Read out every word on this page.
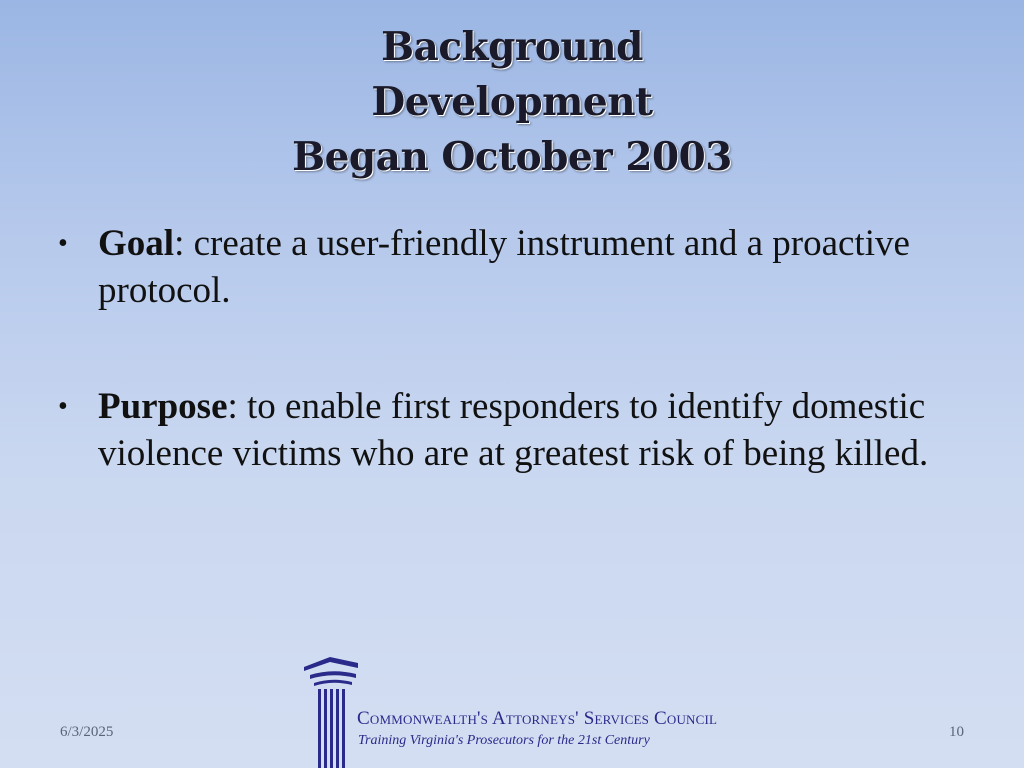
Background
Development
Began October 2003
• Goal: create a user-friendly instrument and a proactive protocol.
• Purpose: to enable first responders to identify domestic violence victims who are at greatest risk of being killed.
6/3/2025
Commonwealth's Attorneys' Services Council
Training Virginia's Prosecutors for the 21st Century
10
